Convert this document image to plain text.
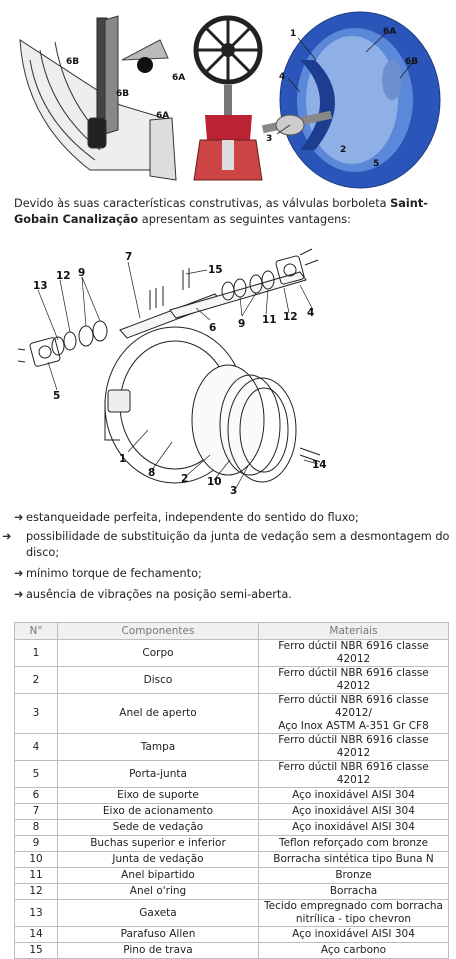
6B
6B
6A
6A
1
4
3
2
5
6A
6B
Devido às suas características construtivas, as válvulas borboleta Saint-Gobain Canalização apresentam as seguintes vantagens:
13
12 9
7
15
6 9 11 12 4
5
1
8 2 10
3
14
➜ estanqueidade perfeita, independente do sentido do fluxo;
➜ possibilidade de substituição da junta de vedação sem a desmontagem do disco;
➜ mínimo torque de fechamento;
➜ ausência de vibrações na posição semi-aberta.
N°	Componentes	Materiais
1	Corpo	Ferro dúctil NBR 6916 classe 42012
2	Disco	Ferro dúctil NBR 6916 classe 42012
3	Anel de aperto	Ferro dúctil NBR 6916 classe 42012/
Aço Inox ASTM A-351 Gr CF8
4	Tampa	Ferro dúctil NBR 6916 classe 42012
5	Porta-junta	Ferro dúctil NBR 6916 classe 42012
6	Eixo de suporte	Aço inoxidável AISI 304
7	Eixo de acionamento	Aço inoxidável AISI 304
8	Sede de vedação	Aço inoxidável AISI 304
9	Buchas superior e inferior	Teflon reforçado com bronze
10	Junta de vedação	Borracha sintética tipo Buna N
11	Anel bipartido	Bronze
12	Anel o'ring	Borracha
13	Gaxeta	Tecido empregnado com borracha nitrílica - tipo chevron
14	Parafuso Allen	Aço inoxidável AISI 304
15	Pino de trava	Aço carbono
